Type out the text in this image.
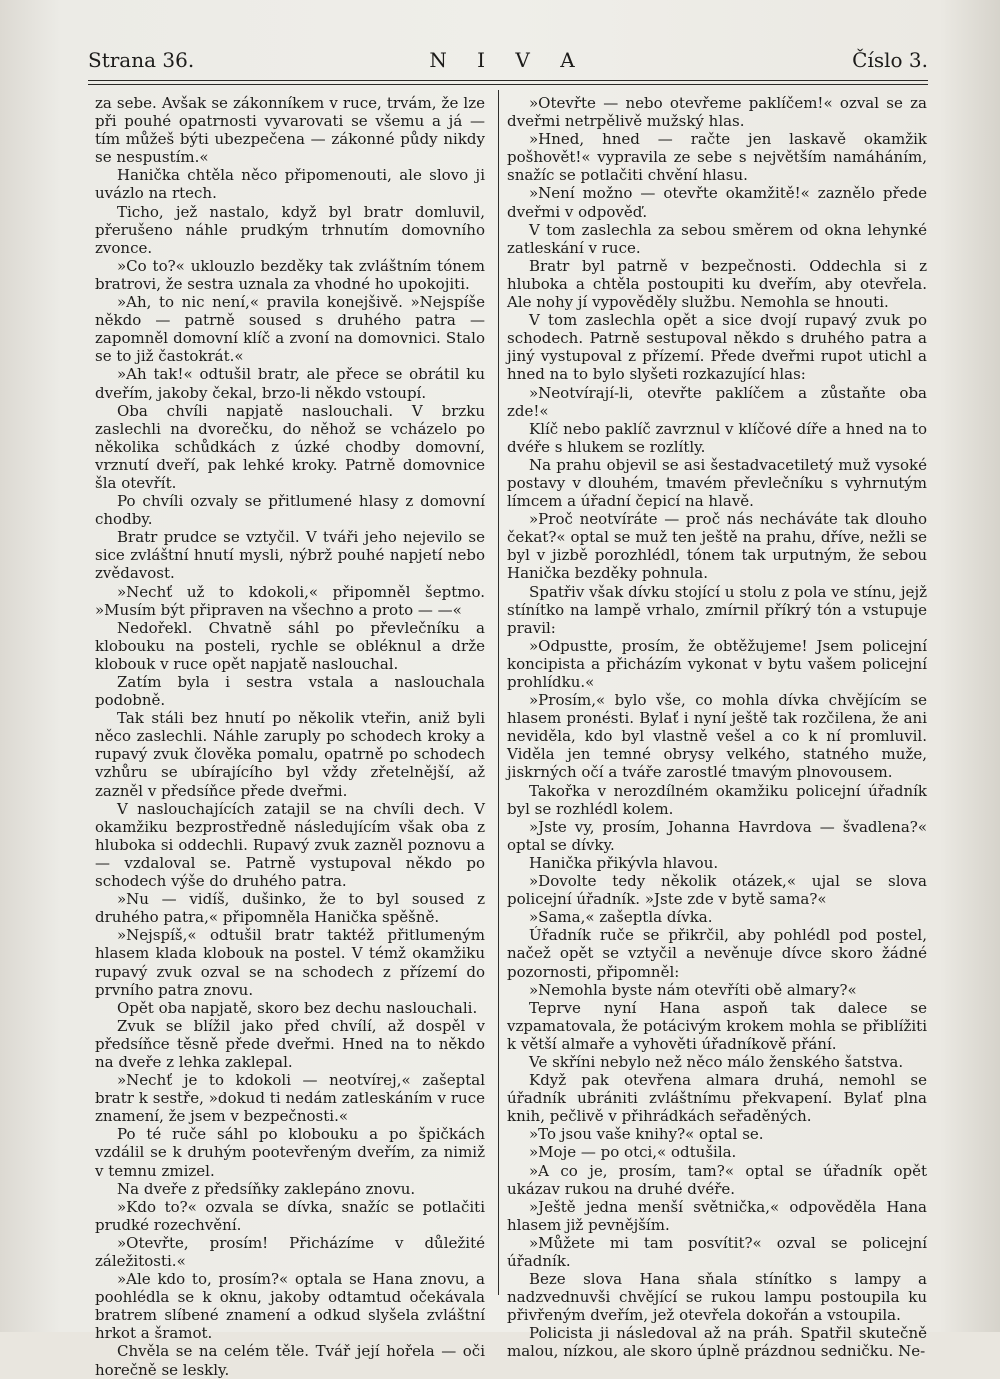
Strana 36.	N I V A	Číslo 3.

za sebe. Avšak se zákonníkem v ruce, trvám, že lze při pouhé opatrnosti vyvarovati se všemu a já — tím můžeš býti ubezpečena — zákonné půdy nikdy se nespustím.«

Hanička chtěla něco připomenouti, ale slovo ji uvázlo na rtech.

Ticho, jež nastalo, když byl bratr domluvil, přerušeno náhle prudkým trhnutím domovního zvonce.

»Co to?« uklouzlo bezděky tak zvláštním tónem bratrovi, že sestra uznala za vhodné ho upokojiti.

»Ah, to nic není,« pravila konejšivě. »Nejspíše někdo — patrně soused s druhého patra — zapomněl domovní klíč a zvoní na domovnici. Stalo se to již častokrát.«

»Ah tak!« odtušil bratr, ale přece se obrátil ku dveřím, jakoby čekal, brzo-li někdo vstoupí.

Oba chvíli napjatě naslouchali. V brzku zaslechli na dvorečku, do něhož se vcházelo po několika schůdkách z úzké chodby domovní, vrznutí dveří, pak lehké kroky. Patrně domovnice šla otevřít.

Po chvíli ozvaly se přitlumené hlasy z domovní chodby.

Bratr prudce se vztyčil. V tváři jeho nejevilo se sice zvláštní hnutí mysli, nýbrž pouhé napjetí nebo zvědavost.

»Nechť už to kdokoli,« připomněl šeptmo. »Musím být připraven na všechno a proto — —«

Nedořekl. Chvatně sáhl po převlečníku a klobouku na posteli, rychle se obléknul a drže klobouk v ruce opět napjatě naslouchal.

Zatím byla i sestra vstala a naslouchala podobně.

Tak stáli bez hnutí po několik vteřin, aniž byli něco zaslechli. Náhle zaruply po schodech kroky a rupavý zvuk člověka pomalu, opatrně po schodech vzhůru se ubírajícího byl vždy zřetelnější, až zazněl v předsíňce přede dveřmi.

V naslouchajících zatajil se na chvíli dech. V okamžiku bezprostředně následujícím však oba z hluboka si oddechli. Rupavý zvuk zazněl poznovu a — vzdaloval se. Patrně vystupoval někdo po schodech výše do druhého patra.

»Nu — vidíš, dušinko, že to byl soused z druhého patra,« připomněla Hanička spěšně.

»Nejspíš,« odtušil bratr taktéž přitlumeným hlasem klada klobouk na postel. V témž okamžiku rupavý zvuk ozval se na schodech z přízemí do prvního patra znovu.

Opět oba napjatě, skoro bez dechu naslouchali.

Zvuk se blížil jako před chvílí, až dospěl v předsíňce těsně přede dveřmi. Hned na to někdo na dveře z lehka zaklepal.

»Nechť je to kdokoli — neotvírej,« zašeptal bratr k sestře, »dokud ti nedám zatleskáním v ruce znamení, že jsem v bezpečnosti.«

Po té ruče sáhl po klobouku a po špičkách vzdálil se k druhým pootevřeným dveřím, za nimiž v temnu zmizel.

Na dveře z předsíňky zaklepáno znovu.

»Kdo to?« ozvala se dívka, snažíc se potlačiti prudké rozechvění.

»Otevřte, prosím! Přicházíme v důležité záležitosti.«

»Ale kdo to, prosím?« optala se Hana znovu, a poohlédla se k oknu, jakoby odtamtud očekávala bratrem slíbené znamení a odkud slyšela zvláštní hrkot a šramot.

Chvěla se na celém těle. Tvář její hořela — oči horečně se leskly.

»Otevřte — nebo otevřeme paklíčem!« ozval se za dveřmi netrpělivě mužský hlas.

»Hned, hned — račte jen laskavě okamžik pošhovět!« vypravila ze sebe s největším namáháním, snažíc se potlačiti chvění hlasu.

»Není možno — otevřte okamžitě!« zaznělo přede dveřmi v odpověď.

V tom zaslechla za sebou směrem od okna lehynké zatleskání v ruce.

Bratr byl patrně v bezpečnosti. Oddechla si z hluboka a chtěla postoupiti ku dveřím, aby otevřela. Ale nohy jí vypověděly službu. Nemohla se hnouti.

V tom zaslechla opět a sice dvojí rupavý zvuk po schodech. Patrně sestupoval někdo s druhého patra a jiný vystupoval z přízemí. Přede dveřmi rupot utichl a hned na to bylo slyšeti rozkazující hlas:

»Neotvírají-li, otevřte paklíčem a zůstaňte oba zde!«

Klíč nebo paklíč zavrznul v klíčové díře a hned na to dvéře s hlukem se rozlítly.

Na prahu objevil se asi šestadvacetiletý muž vysoké postavy v dlouhém, tmavém převlečníku s vyhrnutým límcem a úřadní čepicí na hlavě.

»Proč neotvíráte — proč nás necháváte tak dlouho čekat?« optal se muž ten ještě na prahu, dříve, nežli se byl v jizbě porozhlédl, tónem tak urputným, že sebou Hanička bezděky pohnula.

Spatřiv však dívku stojící u stolu z pola ve stínu, jejž stínítko na lampě vrhalo, zmírnil příkrý tón a vstupuje pravil:

»Odpustte, prosím, že obtěžujeme! Jsem policejní koncipista a přicházím vykonat v bytu vašem policejní prohlídku.«

»Prosím,« bylo vše, co mohla dívka chvějícím se hlasem pronésti. Bylať i nyní ještě tak rozčilena, že ani neviděla, kdo byl vlastně vešel a co k ní promluvil. Viděla jen temné obrysy velkého, statného muže, jiskrných očí a tváře zarostlé tmavým plnovousem.

Takořka v nerozdílném okamžiku policejní úřadník byl se rozhlédl kolem.

»Jste vy, prosím, Johanna Havrdova — švadlena?« optal se dívky.

Hanička přikývla hlavou.

»Dovolte tedy několik otázek,« ujal se slova policejní úřadník. »Jste zde v bytě sama?«

»Sama,« zašeptla dívka.

Úřadník ruče se přikrčil, aby pohlédl pod postel, načež opět se vztyčil a nevěnuje dívce skoro žádné pozornosti, připomněl:

»Nemohla byste nám otevříti obě almary?«

Teprve nyní Hana aspoň tak dalece se vzpamatovala, že potácivým krokem mohla se přiblížiti k větší almaře a vyhověti úřadníkově přání.

Ve skříni nebylo než něco málo ženského šatstva.

Když pak otevřena almara druhá, nemohl se úřadník ubrániti zvláštnímu překvapení. Bylať plna knih, pečlivě v přihrádkách seřaděných.

»To jsou vaše knihy?« optal se.

»Moje — po otci,« odtušila.

»A co je, prosím, tam?« optal se úřadník opět ukázav rukou na druhé dvéře.

»Ještě jedna menší světnička,« odpověděla Hana hlasem již pevnějším.

»Můžete mi tam posvítit?« ozval se policejní úřadník.

Beze slova Hana sňala stínítko s lampy a nadzvednuvši chvějící se rukou lampu postoupila ku přivřeným dveřím, jež otevřela dokořán a vstoupila.

Policista ji následoval až na práh. Spatřil skutečně malou, nízkou, ale skoro úplně prázdnou sedničku. Ne-
